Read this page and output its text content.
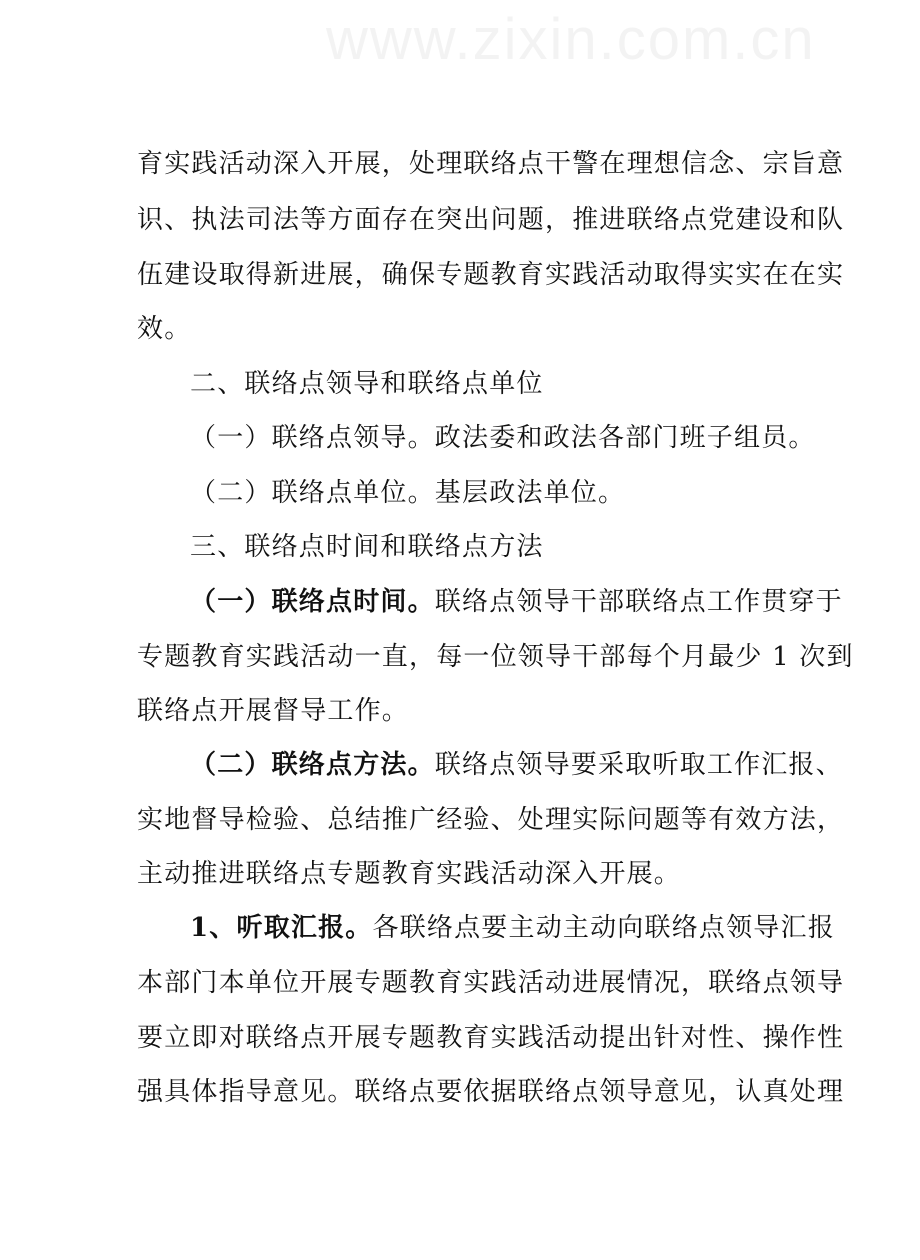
www.zixin.com.cn
育实践活动深入开展，处理联络点干警在理想信念、宗旨意
识、执法司法等方面存在突出问题，推进联络点党建设和队
伍建设取得新进展，确保专题教育实践活动取得实实在在实
效。
二、联络点领导和联络点单位
（一）联络点领导。政法委和政法各部门班子组员。
（二）联络点单位。基层政法单位。
三、联络点时间和联络点方法
（一）联络点时间。联络点领导干部联络点工作贯穿于
专题教育实践活动一直，每一位领导干部每个月最少 1 次到
联络点开展督导工作。
（二）联络点方法。联络点领导要采取听取工作汇报、
实地督导检验、总结推广经验、处理实际问题等有效方法，
主动推进联络点专题教育实践活动深入开展。
1、听取汇报。各联络点要主动主动向联络点领导汇报
本部门本单位开展专题教育实践活动进展情况，联络点领导
要立即对联络点开展专题教育实践活动提出针对性、操作性
强具体指导意见。联络点要依据联络点领导意见，认真处理
